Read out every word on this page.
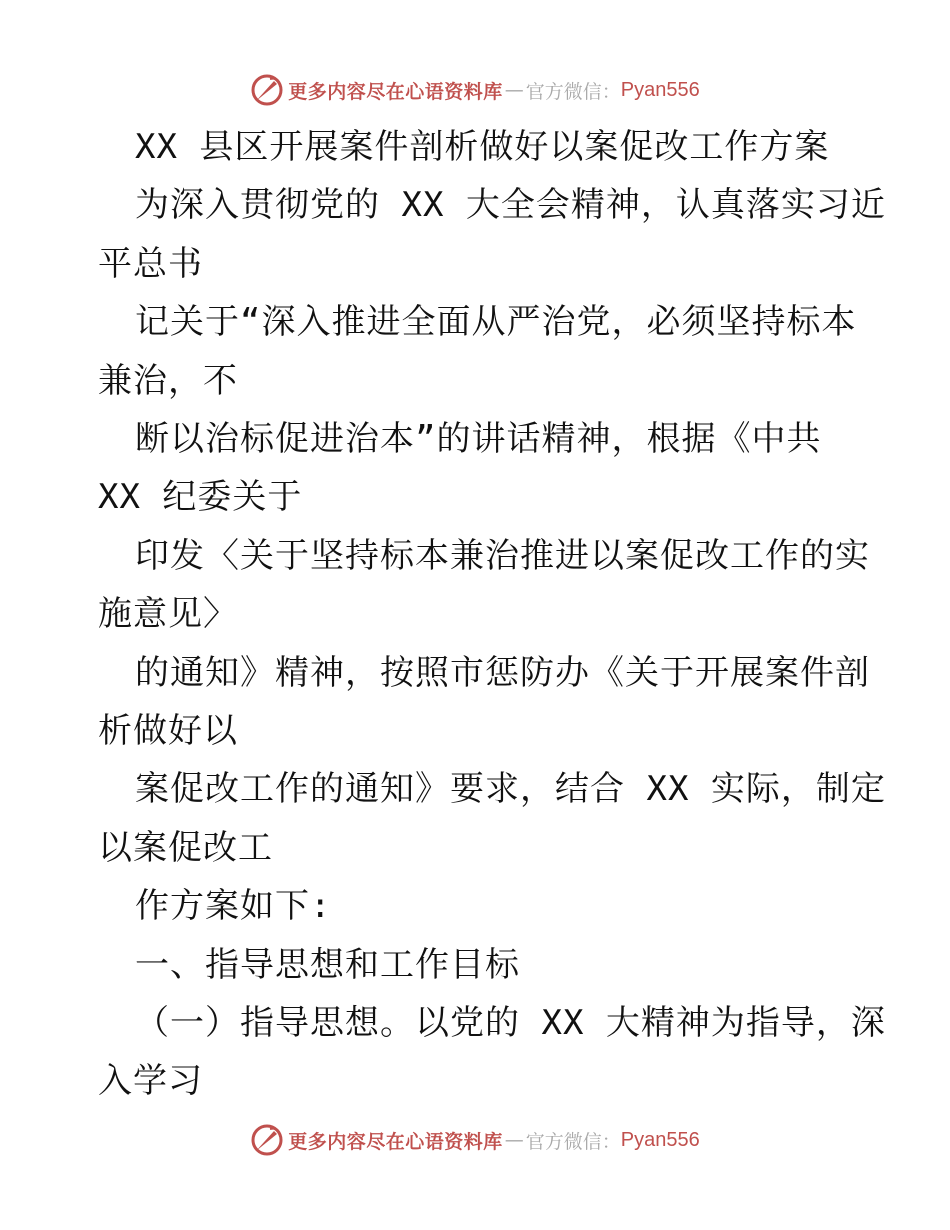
更多内容尽在心语资料库 — 官方微信： Pyan556

XX 县区开展案件剖析做好以案促改工作方案

为深入贯彻党的 XX 大全会精神，认真落实习近

平总书

记关于“深入推进全面从严治党，必须坚持标本

兼治，不

断以治标促进治本”的讲话精神，根据《中共

XX 纪委关于

印发〈关于坚持标本兼治推进以案促改工作的实

施意见〉

的通知》精神，按照市惩防办《关于开展案件剖

析做好以

案促改工作的通知》要求，结合 XX 实际，制定

以案促改工

作方案如下:

一、指导思想和工作目标

（一）指导思想。以党的 XX 大精神为指导，深

入学习

更多内容尽在心语资料库 — 官方微信： Pyan556
